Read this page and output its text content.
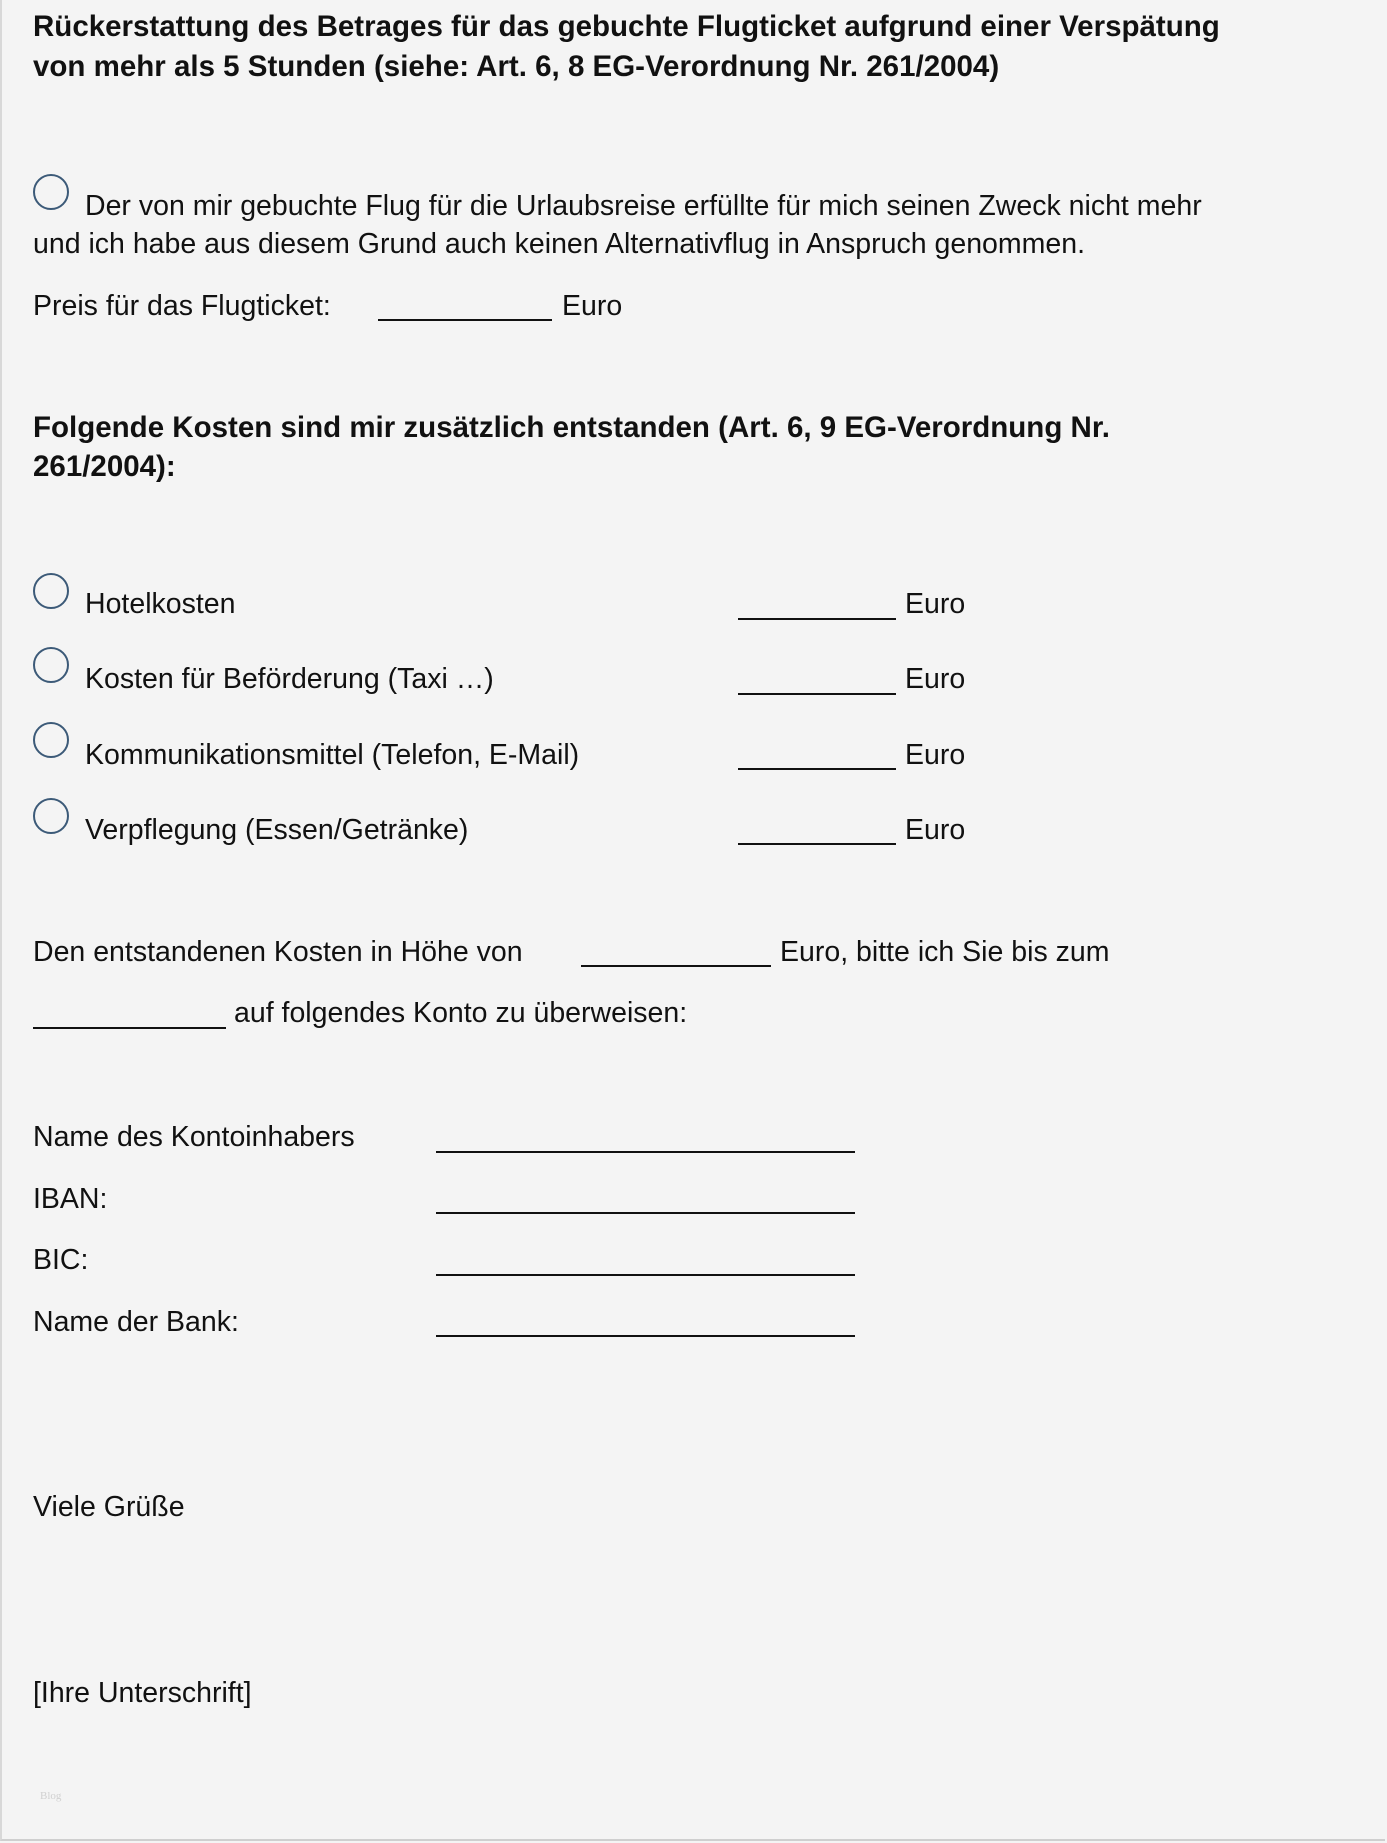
Rückerstattung des Betrages für das gebuchte Flugticket aufgrund einer Verspätung
von mehr als 5 Stunden (siehe: Art. 6, 8 EG-Verordnung Nr. 261/2004)
Der von mir gebuchte Flug für die Urlaubsreise erfüllte für mich seinen Zweck nicht mehr
und ich habe aus diesem Grund auch keinen Alternativflug in Anspruch genommen.
Preis für das Flugticket:	Euro
Folgende Kosten sind mir zusätzlich entstanden (Art. 6, 9 EG-Verordnung Nr.
261/2004):
Hotelkosten	Euro
Kosten für Beförderung (Taxi …)	Euro
Kommunikationsmittel (Telefon, E-Mail)	Euro
Verpflegung (Essen/Getränke)	Euro
Den entstandenen Kosten in Höhe von	Euro, bitte ich Sie bis zum
auf folgendes Konto zu überweisen:
Name des Kontoinhabers
IBAN:
BIC:
Name der Bank:
Viele Grüße
[Ihre Unterschrift]
Blog
